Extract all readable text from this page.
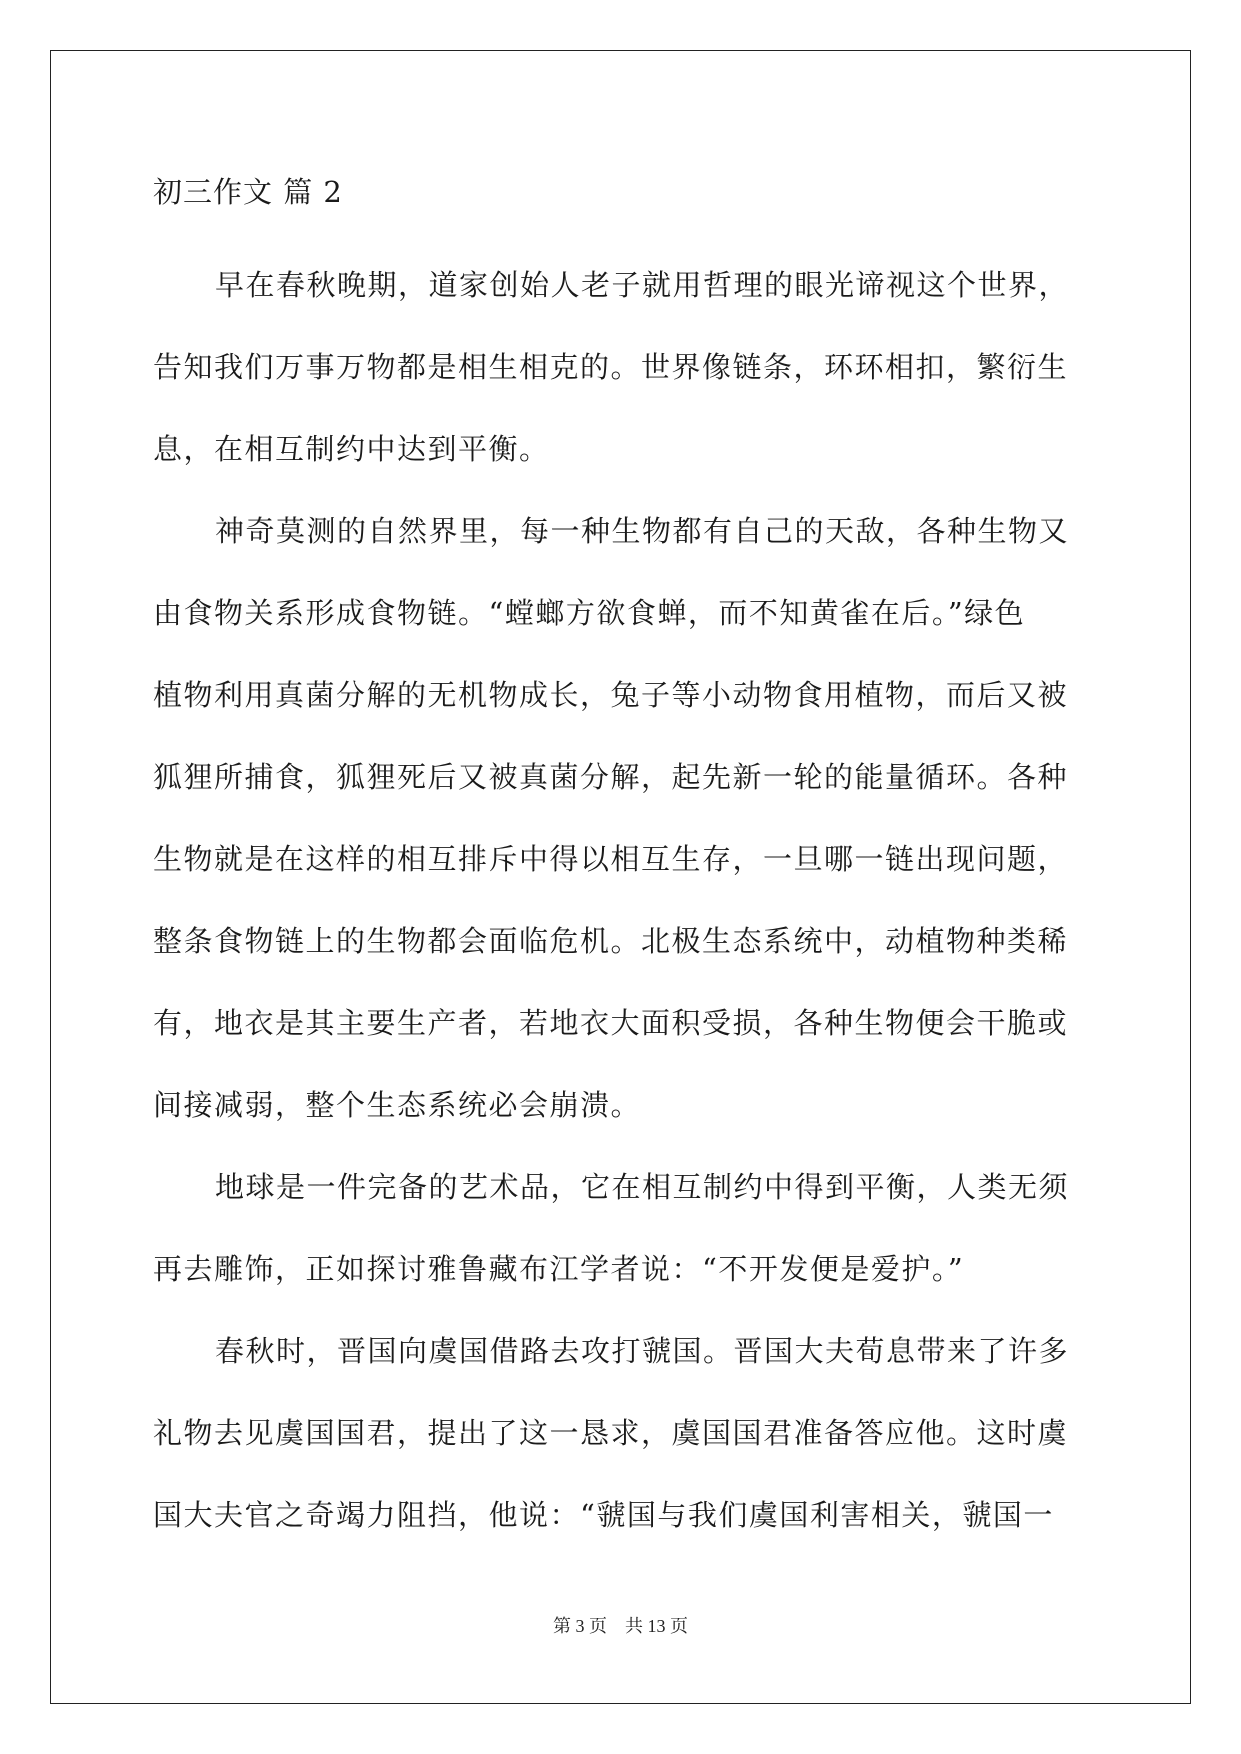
初三作文 篇 2
早在春秋晚期，道家创始人老子就用哲理的眼光谛视这个世界，
告知我们万事万物都是相生相克的。世界像链条，环环相扣，繁衍生
息，在相互制约中达到平衡。
神奇莫测的自然界里，每一种生物都有自己的天敌，各种生物又
由食物关系形成食物链。“螳螂方欲食蝉，而不知黄雀在后。”绿色
植物利用真菌分解的无机物成长，兔子等小动物食用植物，而后又被
狐狸所捕食，狐狸死后又被真菌分解，起先新一轮的能量循环。各种
生物就是在这样的相互排斥中得以相互生存，一旦哪一链出现问题，
整条食物链上的生物都会面临危机。北极生态系统中，动植物种类稀
有，地衣是其主要生产者，若地衣大面积受损，各种生物便会干脆或
间接减弱，整个生态系统必会崩溃。
地球是一件完备的艺术品，它在相互制约中得到平衡，人类无须
再去雕饰，正如探讨雅鲁藏布江学者说：“不开发便是爱护。”
春秋时，晋国向虞国借路去攻打虢国。晋国大夫荀息带来了许多
礼物去见虞国国君，提出了这一恳求，虞国国君准备答应他。这时虞
国大夫官之奇竭力阻挡，他说：“虢国与我们虞国利害相关，虢国一
第 3 页    共 13 页
